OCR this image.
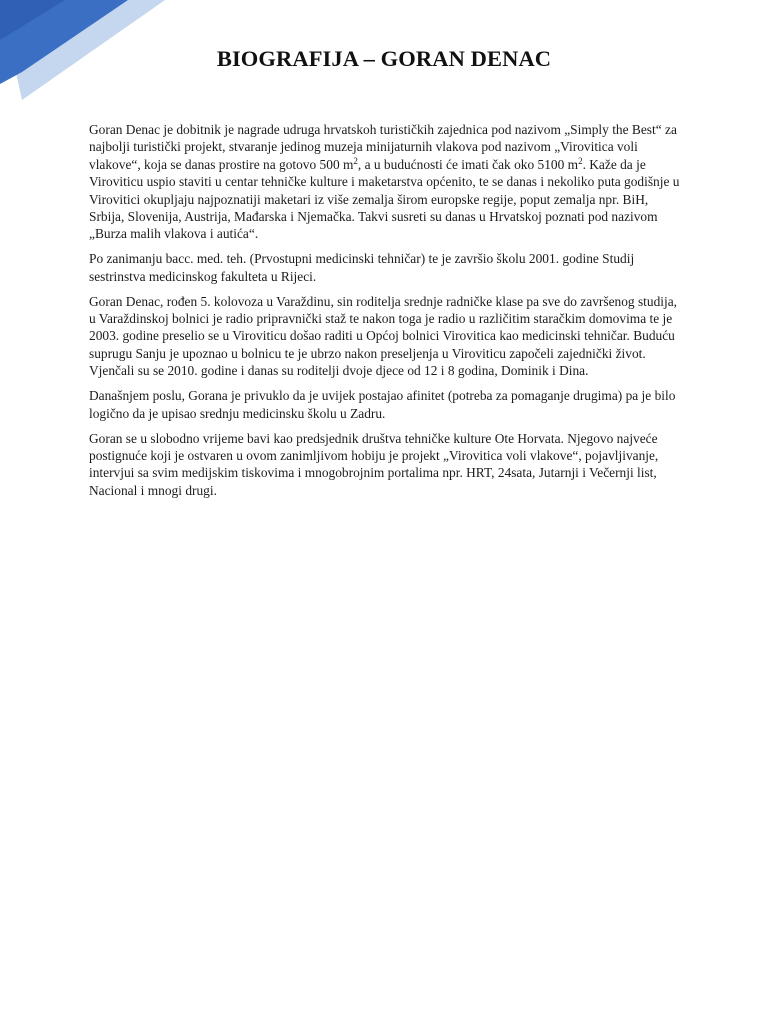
BIOGRAFIJA – GORAN DENAC

Goran Denac je dobitnik je nagrade udruga hrvatskoh turističkih zajednica pod nazivom „Simply the Best“ za najbolji turistički projekt, stvaranje jedinog muzeja minijaturnih vlakova pod nazivom „Virovitica voli vlakove“, koja se danas prostire na gotovo 500 $m^2$, a u budućnosti će imati čak oko 5100 $m^2$. Kaže da je Viroviticu uspio staviti u centar tehničke kulture i maketarstva općenito, te se danas i nekoliko puta godišnje u Virovitici okupljaju najpoznatiji maketari iz više zemalja širom europske regije, poput zemalja npr. BiH, Srbija, Slovenija, Austrija, Mađarska i Njemačka. Takvi susreti su danas u Hrvatskoj poznati pod nazivom „Burza malih vlakova i autića“.

Po zanimanju bacc. med. teh. (Prvostupni medicinski tehničar) te je završio školu 2001. godine Studij sestrinstva medicinskog fakulteta u Rijeci.

Goran Denac, rođen 5. kolovoza u Varaždinu, sin roditelja srednje radničke klase pa sve do završenog studija, u Varaždinskoj bolnici je radio pripravnički staž te nakon toga je radio u različitim staračkim domovima te je 2003. godine preselio se u Viroviticu došao raditi u Općoj bolnici Virovitica kao medicinski tehničar. Buduću suprugu Sanju je upoznao u bolnicu te je ubrzo nakon preseljenja u Viroviticu započeli zajednički život. Vjenčali su se 2010. godine i danas su roditelji dvoje djece od 12 i 8 godina, Dominik i Dina.

Današnjem poslu, Gorana je privuklo da je uvijek postajao afinitet (potreba za pomaganje drugima) pa je bilo logično da je upisao srednju medicinsku školu u Zadru.

Goran se u slobodno vrijeme bavi kao predsjednik društva tehničke kulture Ote Horvata. Njegovo najveće postignuće koji je ostvaren u ovom zanimljivom hobiju je projekt „Virovitica voli vlakove“, pojavljivanje, intervjui sa svim medijskim tiskovima i mnogobrojnim portalima npr. HRT, 24sata, Jutarnji i Večernji list, Nacional i mnogi drugi.
